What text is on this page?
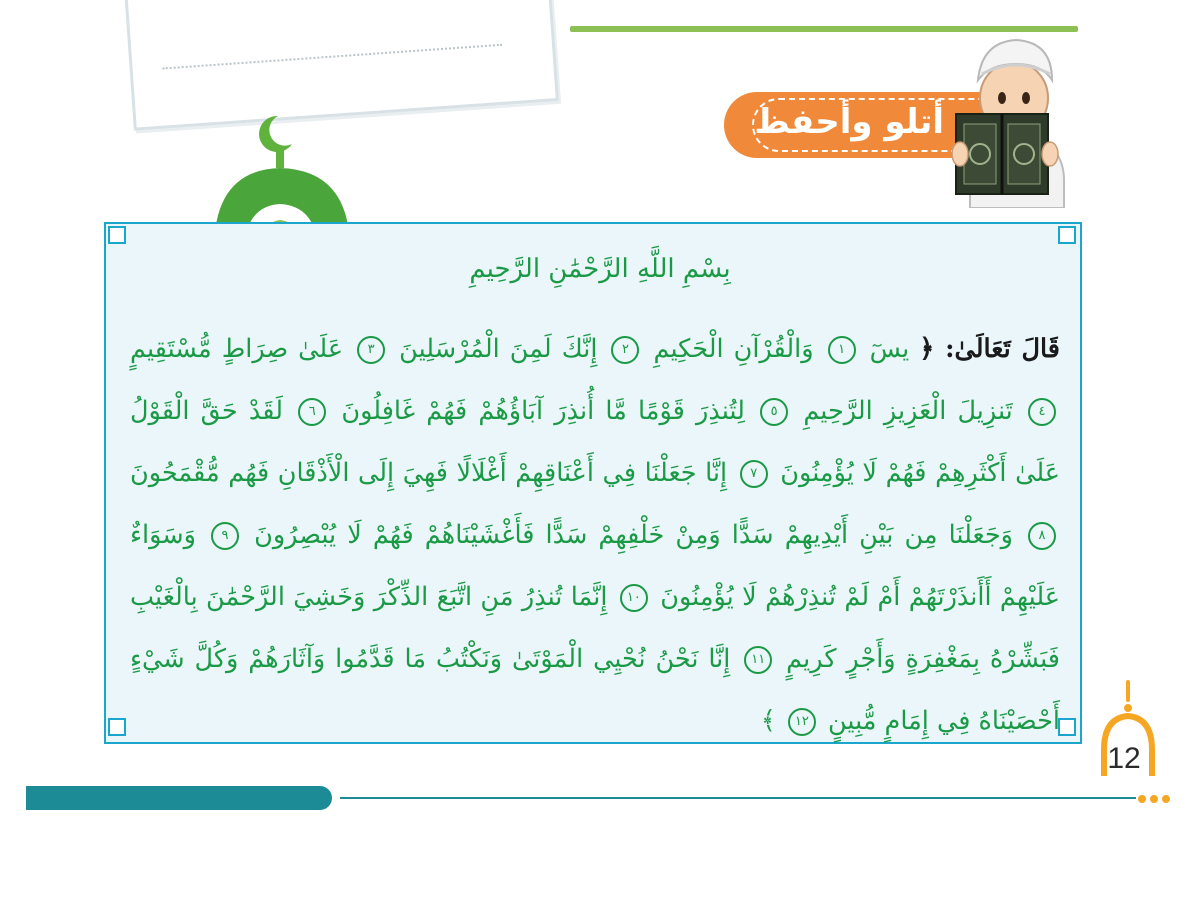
أتلو وأحفظ
بِسْمِ اللَّهِ الرَّحْمَٰنِ الرَّحِيمِ
قَالَ تَعَالَىٰ: ﴿ يسٓ ١ وَالْقُرْآنِ الْحَكِيمِ ٢ إِنَّكَ لَمِنَ الْمُرْسَلِينَ ٣ عَلَىٰ صِرَاطٍ مُّسْتَقِيمٍ ٤ تَنزِيلَ الْعَزِيزِ الرَّحِيمِ ٥ لِتُنذِرَ قَوْمًا مَّا أُنذِرَ آبَاؤُهُمْ فَهُمْ غَافِلُونَ ٦ لَقَدْ حَقَّ الْقَوْلُ عَلَىٰ أَكْثَرِهِمْ فَهُمْ لَا يُؤْمِنُونَ ٧ إِنَّا جَعَلْنَا فِي أَعْنَاقِهِمْ أَغْلَالًا فَهِيَ إِلَى الْأَذْقَانِ فَهُم مُّقْمَحُونَ ٨ وَجَعَلْنَا مِن بَيْنِ أَيْدِيهِمْ سَدًّا وَمِنْ خَلْفِهِمْ سَدًّا فَأَغْشَيْنَاهُمْ فَهُمْ لَا يُبْصِرُونَ ٩ وَسَوَاءٌ عَلَيْهِمْ أَأَنذَرْتَهُمْ أَمْ لَمْ تُنذِرْهُمْ لَا يُؤْمِنُونَ ١٠ إِنَّمَا تُنذِرُ مَنِ اتَّبَعَ الذِّكْرَ وَخَشِيَ الرَّحْمَٰنَ بِالْغَيْبِ فَبَشِّرْهُ بِمَغْفِرَةٍ وَأَجْرٍ كَرِيمٍ ١١ إِنَّا نَحْنُ نُحْيِي الْمَوْتَىٰ وَنَكْتُبُ مَا قَدَّمُوا وَآثَارَهُمْ وَكُلَّ شَيْءٍ أَحْصَيْنَاهُ فِي إِمَامٍ مُّبِينٍ ١٢ ﴾
12
